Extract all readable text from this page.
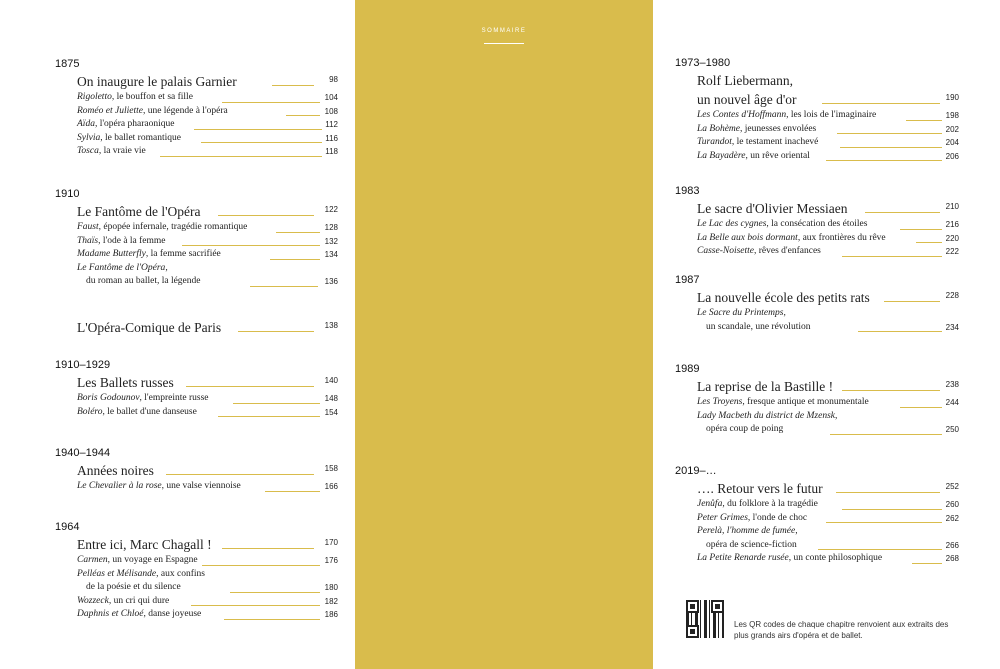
SOMMAIRE
Les QR codes de chaque chapitre renvoient aux extraits des plus grands airs d'opéra et de ballet.
1875
On inaugure le palais Garnier	98
Rigoletto, le bouffon et sa fille	104
Roméo et Juliette, une légende à l'opéra	108
Aïda, l'opéra pharaonique	112
Sylvia, le ballet romantique	116
Tosca, la vraie vie	118
1910
Le Fantôme de l'Opéra	122
Faust, épopée infernale, tragédie romantique	128
Thaïs, l'ode à la femme	132
Madame Butterfly, la femme sacrifiée	134
Le Fantôme de l'Opéra,
du roman au ballet, la légende	136
L'Opéra-Comique de Paris	138
1910–1929
Les Ballets russes	140
Boris Godounov, l'empreinte russe	148
Boléro, le ballet d'une danseuse	154
1940–1944
Années noires	158
Le Chevalier à la rose, une valse viennoise	166
1964
Entre ici, Marc Chagall !	170
Carmen, un voyage en Espagne	176
Pelléas et Mélisande, aux confins
de la poésie et du silence	180
Wozzeck, un cri qui dure	182
Daphnis et Chloé, danse joyeuse	186
1973–1980
Rolf Liebermann,
un nouvel âge d'or	190
Les Contes d'Hoffmann, les lois de l'imaginaire	198
La Bohème, jeunesses envolées	202
Turandot, le testament inachevé	204
La Bayadère, un rêve oriental	206
1983
Le sacre d'Olivier Messiaen	210
Le Lac des cygnes, la consécation des étoiles	216
La Belle aux bois dormant, aux frontières du rêve	220
Casse-Noisette, rêves d'enfances	222
1987
La nouvelle école des petits rats	228
Le Sacre du Printemps,
un scandale, une révolution	234
1989
La reprise de la Bastille !	238
Les Troyens, fresque antique et monumentale	244
Lady Macbeth du district de Mzensk,
opéra coup de poing	250
2019–…
…. Retour vers le futur	252
Jenůfa, du folklore à la tragédie	260
Peter Grimes, l'onde de choc	262
Perelà, l'homme de fumée,
opéra de science-fiction	266
La Petite Renarde rusée, un conte philosophique	268
